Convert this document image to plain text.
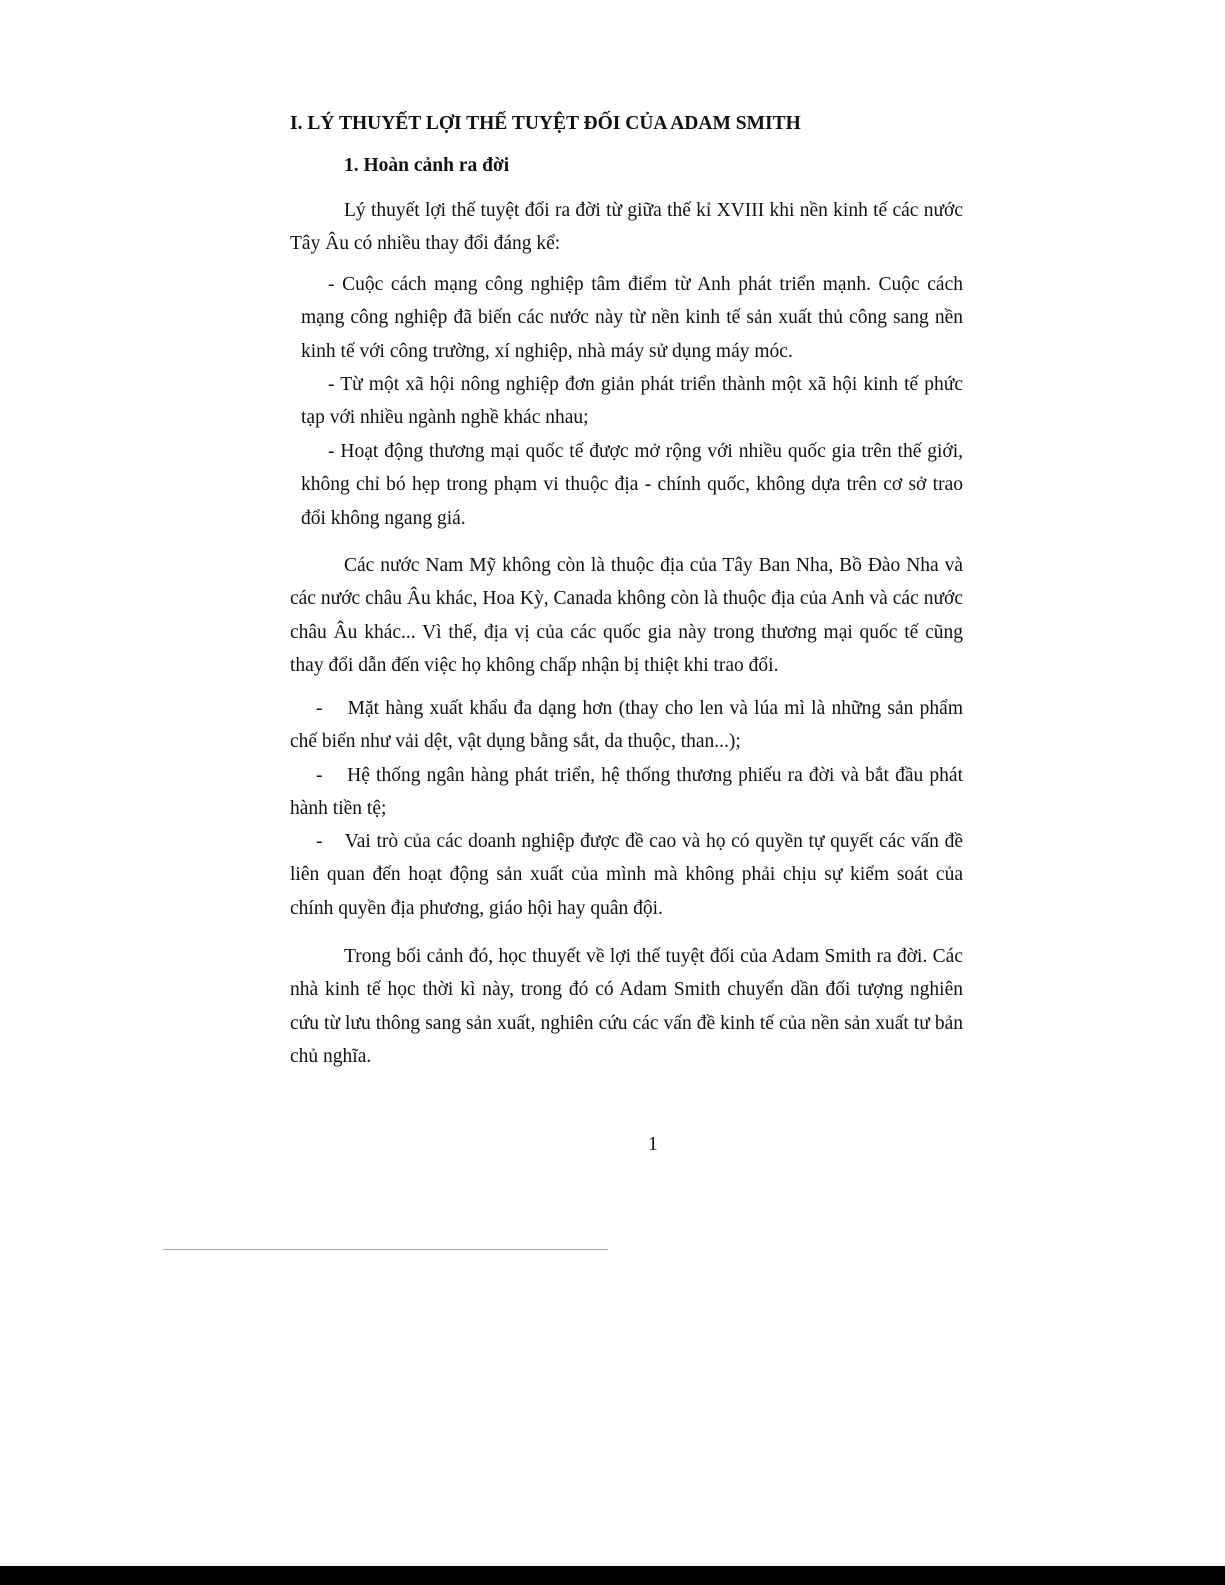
I. LÝ THUYẾT LỢI THẾ TUYỆT ĐỐI CỦA ADAM SMITH
1. Hoàn cảnh ra đời

Lý thuyết lợi thế tuyệt đối ra đời từ giữa thế kỉ XVIII khi nền kinh tế các nước Tây Âu có nhiều thay đổi đáng kể:

- Cuộc cách mạng công nghiệp tâm điểm từ Anh phát triển mạnh. Cuộc cách mạng công nghiệp đã biến các nước này từ nền kinh tế sản xuất thủ công sang nền kinh tế với công trường, xí nghiệp, nhà máy sử dụng máy móc.

- Từ một xã hội nông nghiệp đơn giản phát triển thành một xã hội kinh tế phức tạp với nhiều ngành nghề khác nhau;

- Hoạt động thương mại quốc tế được mở rộng với nhiều quốc gia trên thế giới, không chỉ bó hẹp trong phạm vi thuộc địa - chính quốc, không dựa trên cơ sở trao đổi không ngang giá.

Các nước Nam Mỹ không còn là thuộc địa của Tây Ban Nha, Bồ Đào Nha và các nước châu Âu khác, Hoa Kỳ, Canada không còn là thuộc địa của Anh và các nước châu Âu khác... Vì thế, địa vị của các quốc gia này trong thương mại quốc tế cũng thay đổi dẫn đến việc họ không chấp nhận bị thiệt khi trao đổi.

-    Mặt hàng xuất khẩu đa dạng hơn (thay cho len và lúa mì là những sản phẩm chế biến như vải dệt, vật dụng bằng sắt, da thuộc, than...);

-    Hệ thống ngân hàng phát triển, hệ thống thương phiếu ra đời và bắt đầu phát hành tiền tệ;

-    Vai trò của các doanh nghiệp được đề cao và họ có quyền tự quyết các vấn đề liên quan đến hoạt động sản xuất của mình mà không phải chịu sự kiểm soát của chính quyền địa phương, giáo hội hay quân đội.

Trong bối cảnh đó, học thuyết về lợi thế tuyệt đối của Adam Smith ra đời. Các nhà kinh tế học thời kì này, trong đó có Adam Smith chuyển dần đối tượng nghiên cứu từ lưu thông sang sản xuất, nghiên cứu các vấn đề kinh tế của nền sản xuất tư bản chủ nghĩa.

1
